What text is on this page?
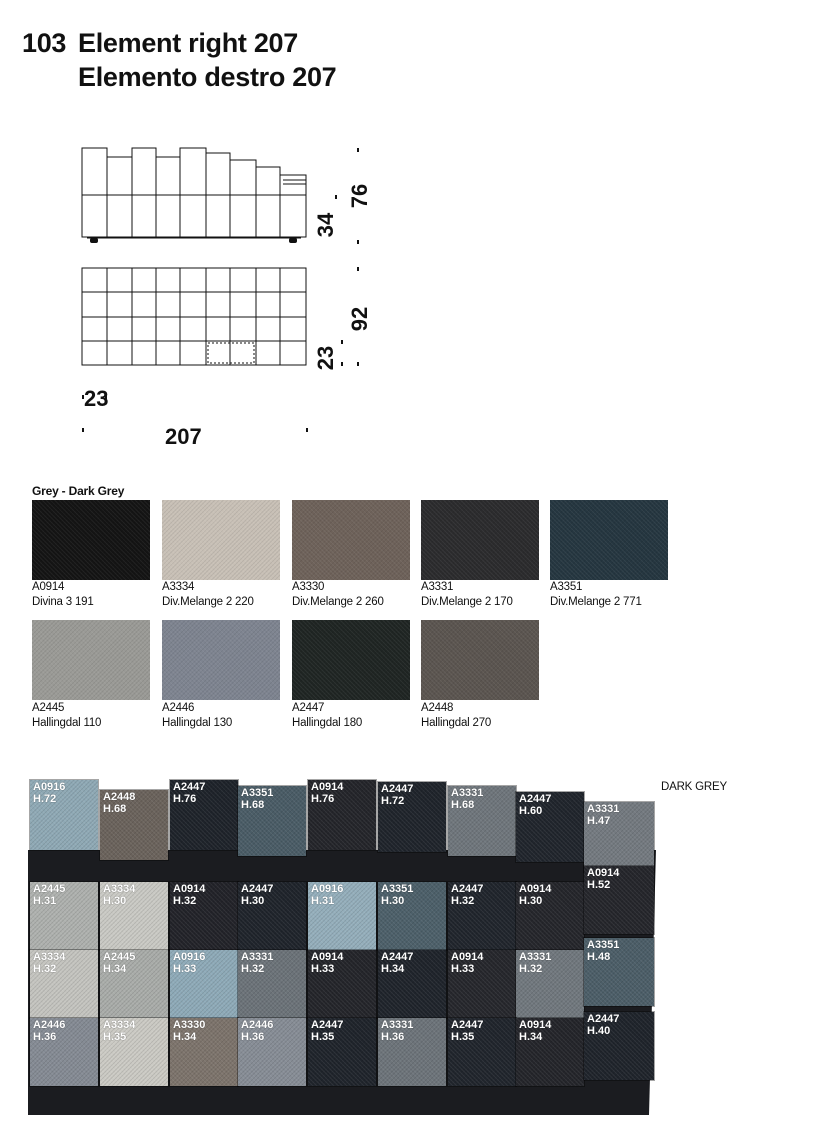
103 Element right 207
Elemento destro 207
76
34
92
23
23
207
Grey - Dark Grey
A0914
Divina 3 191
A3334
Div.Melange 2 220
A3330
Div.Melange 2 260
A3331
Div.Melange 2 170
A3351
Div.Melange 2 771
A2445
Hallingdal 110
A2446
Hallingdal 130
A2447
Hallingdal 180
A2448
Hallingdal 270
A0916
H.72	A2448
H.68
A2447
H.76	A3351
H.68
A0914
H.76
A2447
H.72
A3331
H.68	A2447
H.60	A3331
H.47
A2445
H.31
A3334
H.30
A0914
H.32
A2447
H.30
A0916
H.31
A3351
H.30
A2447
H.32
A0914
H.30
A0914
H.52
A3334
H.32
A2445
H.34
A0916
H.33
A3331
H.32
A0914
H.33
A2447
H.34
A0914
H.33
A3331
H.32
A3351
H.48
A2446
H.36
A3334
H.35
A3330
H.34
A2446
H.36
A2447
H.35
A3331
H.36
A2447
H.35
A0914
H.34
A2447
H.40
DARK GREY
